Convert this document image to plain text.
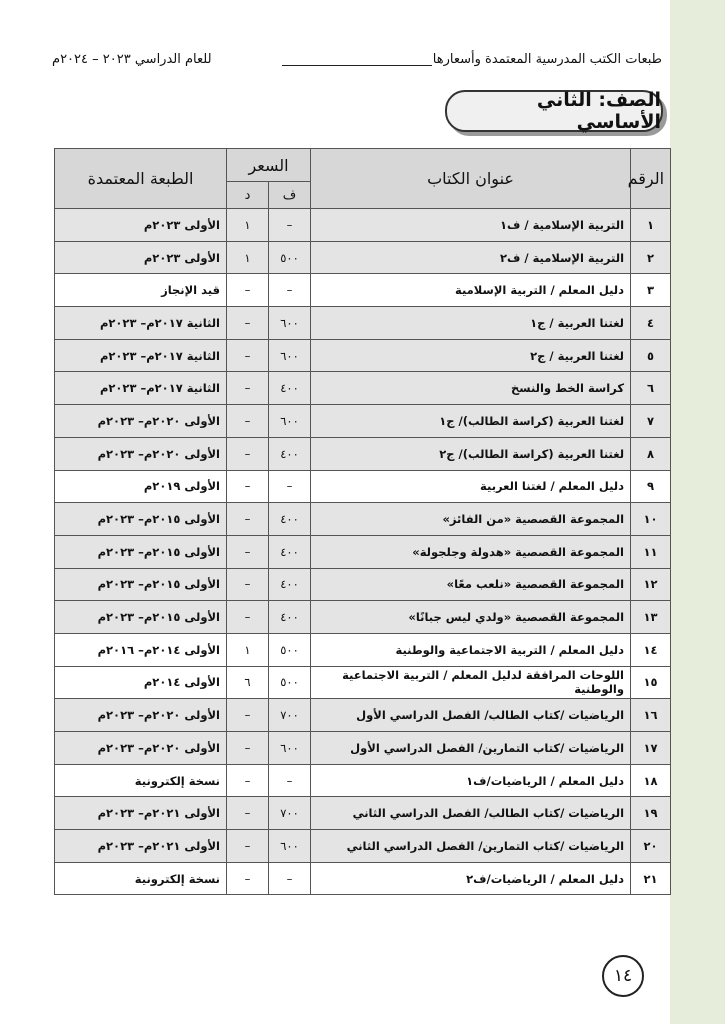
طبعات الكتب المدرسية المعتمدة وأسعارها
للعام الدراسي ٢٠٢٣ – ٢٠٢٤م
الصف: الثاني الأساسي
الرقم	عنوان الكتاب	السعر		الطبعة المعتمدة
		ف	د	
١	التربية الإسلامية / ف١	–	١	الأولى ٢٠٢٣م
٢	التربية الإسلامية / ف٢	٥٠٠	١	الأولى ٢٠٢٣م
٣	دليل المعلم / التربية الإسلامية	–	–	قيد الإنجاز
٤	لغتنا العربية / ج١	٦٠٠	–	الثانية ٢٠١٧م– ٢٠٢٣م
٥	لغتنا العربية / ج٢	٦٠٠	–	الثانية ٢٠١٧م– ٢٠٢٣م
٦	كراسة الخط والنسخ	٤٠٠	–	الثانية ٢٠١٧م– ٢٠٢٣م
٧	لغتنا العربية (كراسة الطالب)/ ج١	٦٠٠	–	الأولى ٢٠٢٠م– ٢٠٢٣م
٨	لغتنا العربية (كراسة الطالب)/ ج٢	٤٠٠	–	الأولى ٢٠٢٠م– ٢٠٢٣م
٩	دليل المعلم / لغتنا العربية	–	–	الأولى ٢٠١٩م
١٠	المجموعة القصصية «من الفائز»	٤٠٠	–	الأولى ٢٠١٥م– ٢٠٢٣م
١١	المجموعة القصصية «هدولة وجلجولة»	٤٠٠	–	الأولى ٢٠١٥م– ٢٠٢٣م
١٢	المجموعة القصصية «نلعب معًا»	٤٠٠	–	الأولى ٢٠١٥م– ٢٠٢٣م
١٣	المجموعة القصصية «ولدي ليس جبانًا»	٤٠٠	–	الأولى ٢٠١٥م– ٢٠٢٣م
١٤	دليل المعلم / التربية الاجتماعية والوطنية	٥٠٠	١	الأولى ٢٠١٤م– ٢٠١٦م
١٥	اللوحات المرافقة لدليل المعلم / التربية الاجتماعية والوطنية	٥٠٠	٦	الأولى ٢٠١٤م
١٦	الرياضيات /كتاب الطالب/ الفصل الدراسي الأول	٧٠٠	–	الأولى ٢٠٢٠م– ٢٠٢٣م
١٧	الرياضيات /كتاب التمارين/ الفصل الدراسي الأول	٦٠٠	–	الأولى ٢٠٢٠م– ٢٠٢٣م
١٨	دليل المعلم / الرياضيات/ف١	–	–	نسخة إلكترونية
١٩	الرياضيات /كتاب الطالب/ الفصل الدراسي الثاني	٧٠٠	–	الأولى ٢٠٢١م– ٢٠٢٣م
٢٠	الرياضيات /كتاب التمارين/ الفصل الدراسي الثاني	٦٠٠	–	الأولى ٢٠٢١م– ٢٠٢٣م
٢١	دليل المعلم / الرياضيات/ف٢	–	–	نسخة إلكترونية
١٤
